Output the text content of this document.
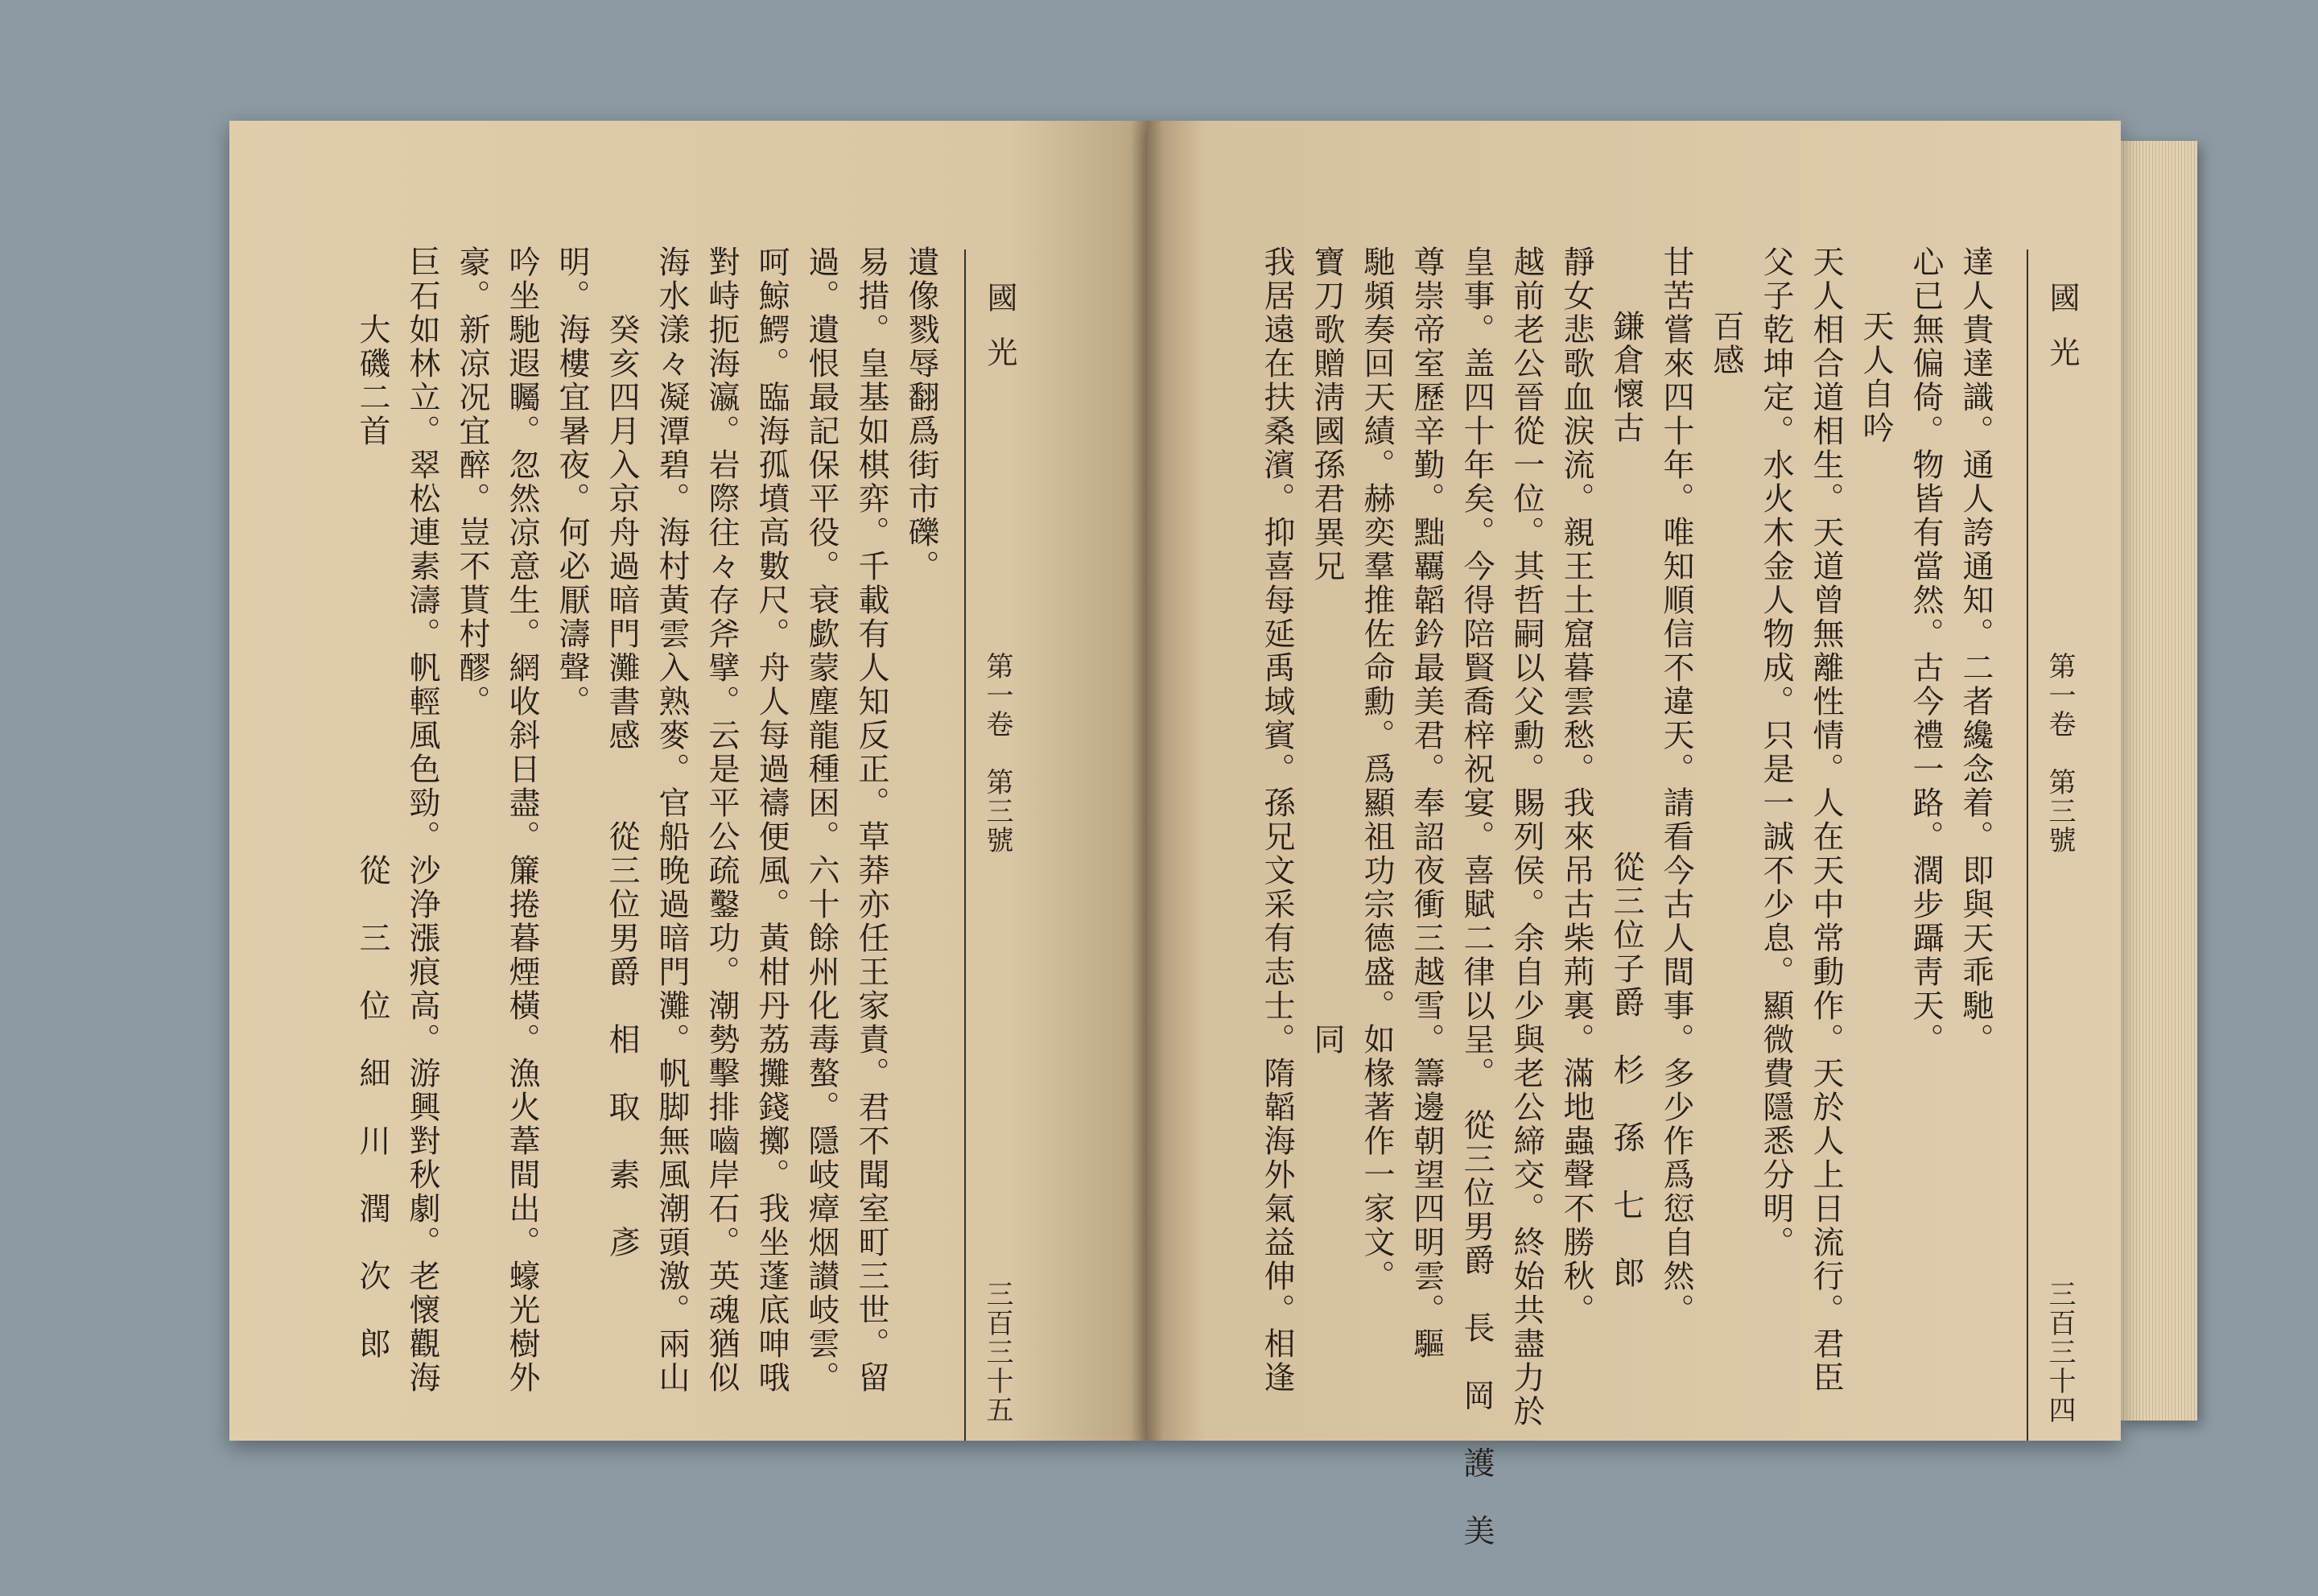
國光
第一卷　第三號
三百三十五
遺像戮辱翻爲街市礫。
易措。皇基如棋弈。千載有人知反正。草莽亦任王家責。君不聞室町三世。留
過。遺恨最記保平役。衰歔蒙塵龍種困。六十餘州化毒螯。隱岐瘴烟讃岐雲。
呵鯨鰐。臨海孤墳高數尺。舟人每過禱便風。黃柑丹荔攤錢擲。我坐蓬底呻哦
對峙扼海瀛。岩際往々存斧擘。云是平公疏鑿功。潮勢擊排嚙岸石。英魂猶似
海水漾々凝潭碧。海村黃雲入熟麥。官船晚過暗門灘。帆脚無風潮頭激。兩山
　　癸亥四月入京舟過暗門灘書感　　從三位男爵　相　取　素　彥
明。海樓宜暑夜。何必厭濤聲。
吟坐馳遐矚。忽然凉意生。網收斜日盡。簾捲暮煙橫。漁火葦間出。蠔光樹外
豪。新凉况宜醉。豈不貰村醪。
巨石如林立。翠松連素濤。帆輕風色勁。沙浄漲痕高。游興對秋劇。老懷觀海
　　大磯二首　　　　　　　　　　　　從　三　位　細　川　潤　次　郎	國光
第一卷　第三號
三百三十四
達人貴達識。通人誇通知。二者纔念着。即與天乖馳。
心已無偏倚。物皆有當然。古今禮一路。濶步躡靑天。
天人自吟
天人相合道相生。天道曾無離性情。人在天中常動作。天於人上日流行。君臣
父子乾坤定。水火木金人物成。只是一誠不少息。顯微費隱悉分明。
百感
甘苦嘗來四十年。唯知順信不違天。請看今古人間事。多少作爲愆自然。
鎌倉懷古　　　　　　　　　　　　從三位子爵　杉　孫　七　郎
靜女悲歌血涙流。親王土窟暮雲愁。我來吊古柴荊裏。滿地蟲聲不勝秋。
越前老公晉從一位。其哲嗣以父勳。賜列侯。余自少與老公締交。終始共盡力於
皇事。盖四十年矣。今得陪賢喬梓祝宴。喜賦二律以呈。　從三位男爵　長　岡　護　美
尊崇帝室歷辛勤。黜覊韜鈐最美君。奉詔夜衝三越雪。籌邊朝望四明雲。驅
馳頻奏回天績。赫奕羣推佐命勳。爲顯祖功宗德盛。如椽著作一家文。
寶刀歌贈淸國孫君異兄　　　　　　　　　　　　　同
我居遠在扶桑濱。抑喜每延禹域賓。孫兄文采有志士。隋韜海外氣益伸。相逢
